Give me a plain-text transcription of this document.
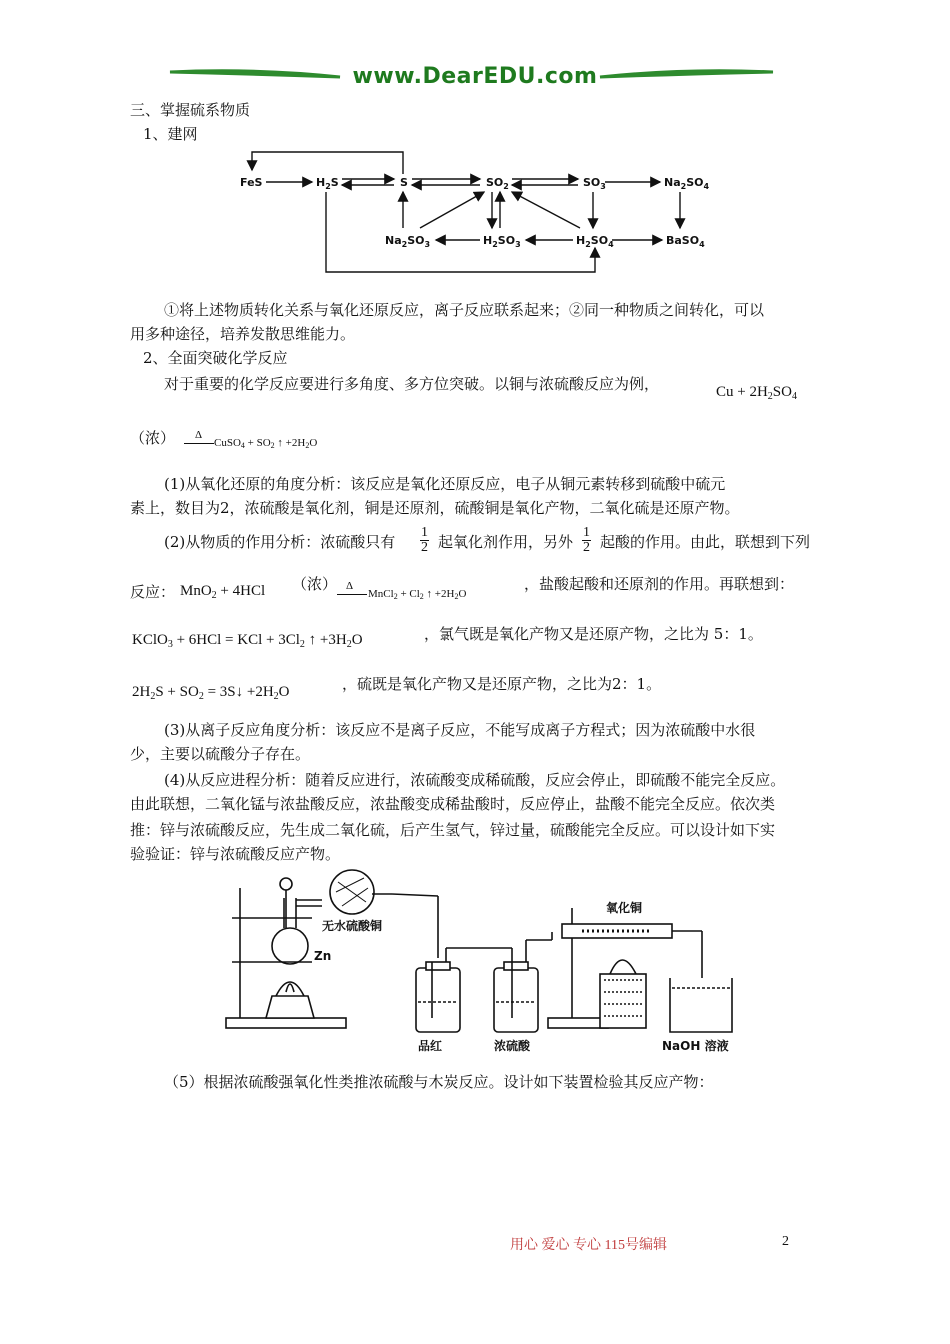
www.DearEDU.com
三、掌握硫系物质
1、建网
FeS	$H_2S$	S	$SO_2$	$SO_3$	$Na_2SO_4$
$Na_2SO_3$	$H_2SO_3$	$H_2SO_4$	BaSO$_4$
①将上述物质转化关系与氧化还原反应，离子反应联系起来；②同一种物质之间转化，可以
用多种途径，培养发散思维能力。
2、全面突破化学反应
对于重要的化学反应要进行多角度、多方位突破。以铜与浓硫酸反应为例，	$Cu + 2H_2SO_4$
（浓） Δ
CuSO$_4$ + $SO_2$ ↑ $+2H_2O$
(1)从氧化还原的角度分析：该反应是氧化还原反应，电子从铜元素转移到硫酸中硫元
素上，数目为2，浓硫酸是氧化剂，铜是还原剂，硫酸铜是氧化产物，二氧化硫是还原产物。
(2)从物质的作用分析：浓硫酸只有 $\frac{1}{2}$ 起氧化剂作用，另外 $\frac{1}{2}$ 起酸的作用。由此，联想到下列
反应： MnO$_2$ + 4HCl （浓） Δ
MnCl$_2$ + $Cl_2$ ↑ $+2H_2O$
，盐酸起酸和还原剂的作用。再联想到：
KClO$_3$ + 6HCl = KCl + $3Cl_2$ ↑ $+3H_2O$	，氯气既是氧化产物又是还原产物，之比为 5：1。
$2H_2S + SO_2$ = 3S↓ $+2H_2O$	，硫既是氧化产物又是还原产物，之比为2：1。
(3)从离子反应角度分析：该反应不是离子反应，不能写成离子方程式；因为浓硫酸中水很
少，主要以硫酸分子存在。
(4)从反应进程分析：随着反应进行，浓硫酸变成稀硫酸，反应会停止，即硫酸不能完全反应。
由此联想，二氧化锰与浓盐酸反应，浓盐酸变成稀盐酸时，反应停止，盐酸不能完全反应。依次类
推：锌与浓硫酸反应，先生成二氧化硫，后产生氢气，锌过量，硫酸能完全反应。可以设计如下实
验验证：锌与浓硫酸反应产物。
无水硫酸铜
Zn
氧化铜
品红	浓硫酸	NaOH 溶液
（5）根据浓硫酸强氧化性类推浓硫酸与木炭反应。设计如下装置检验其反应产物：
用心 爱心 专心 115号编辑	2
